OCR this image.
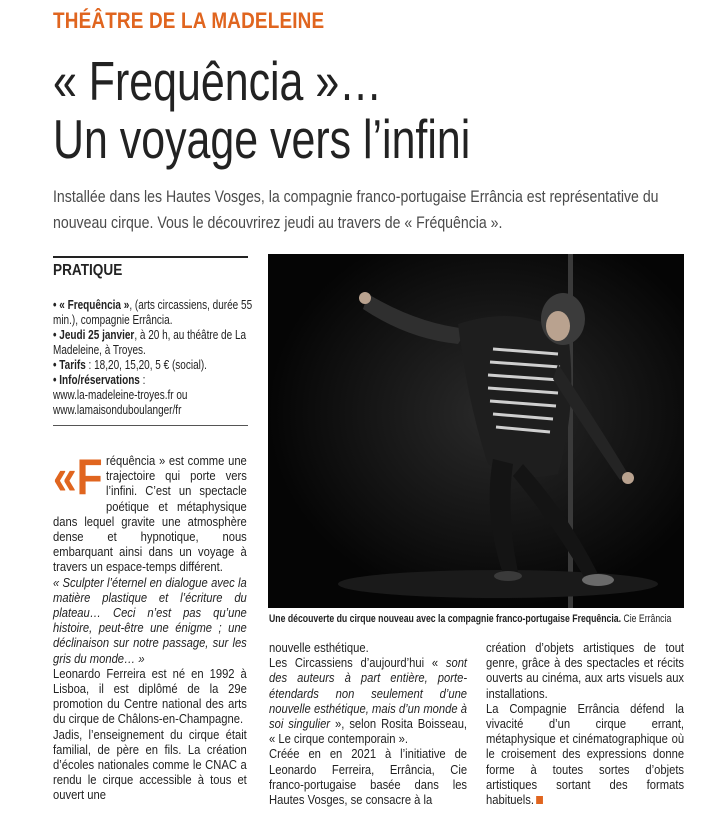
THÉÂTRE DE LA MADELEINE
« Frequência »…
Un voyage vers l’infini
Installée dans les Hautes Vosges, la compagnie franco-portugaise Errância est représentative du nouveau cirque. Vous le découvrirez jeudi au travers de « Fréquência ».
PRATIQUE

• « Frequência », (arts circassiens, durée 55 min.), compagnie Errância.

• Jeudi 25 janvier, à 20 h, au théâtre de La Madeleine, à Troyes.

• Tarifs : 18,20, 15,20, 5 € (social).

• Info/réservations :

www.la-madeleine-troyes.fr ou

www.lamaisonduboulanger/fr

Une découverte du cirque nouveau avec la compagnie franco-portugaise Frequência. Cie Errância
«F réquência » est comme une trajectoire qui porte vers l’infini. C’est un spectacle poétique et métaphysique dans lequel gravite une atmosphère dense et hypnotique, nous embarquant ainsi dans un voyage à travers un espace-temps différent.

« Sculpter l’éternel en dialogue avec la matière plastique et l’écriture du plateau… Ceci n’est pas qu’une histoire, peut-être une énigme ; une déclinaison sur notre passage, sur les gris du monde… »

Leonardo Ferreira est né en 1992 à Lisboa, il est diplômé de la 29e promotion du Centre national des arts du cirque de Châlons-en-Champagne.

Jadis, l’enseignement du cirque était familial, de père en fils. La création d’écoles nationales comme le CNAC a rendu le cirque accessible à tous et ouvert une

nouvelle esthétique.

Les Circassiens d’aujourd’hui « sont des auteurs à part entière, porte-étendards non seulement d’une nouvelle esthétique, mais d’un monde à soi singulier », selon Rosita Boisseau, « Le cirque contemporain ».

Créée en en 2021 à l’initiative de Leonardo Ferreira, Errância, Cie franco-portugaise basée dans les Hautes Vosges, se consacre à la

création d’objets artistiques de tout genre, grâce à des spectacles et récits ouverts au cinéma, aux arts visuels aux installations.

La Compagnie Errância défend la vivacité d’un cirque errant, métaphysique et cinématographique où le croisement des expressions donne forme à toutes sortes d’objets artistiques sortant des formats habituels.
